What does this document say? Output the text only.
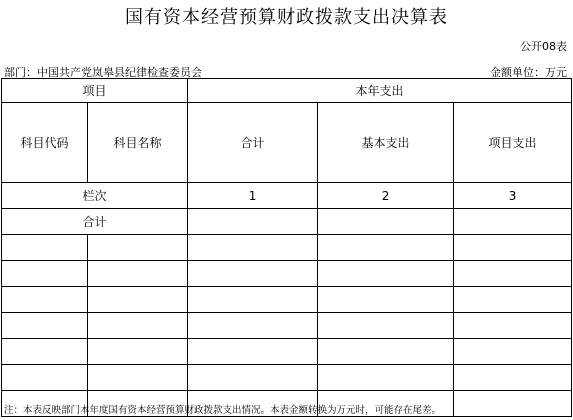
国有资本经营预算财政拨款支出决算表
公开08表
部门：中国共产党岚皋县纪律检查委员会	金额单位：万元
项目		本年支出		
科目代码	科目名称	合计	基本支出	项目支出
栏次		1	2	3
合计				

注：本表反映部门本年度国有资本经营预算财政拨款支出情况。本表金额转换为万元时，可能存在尾差。
